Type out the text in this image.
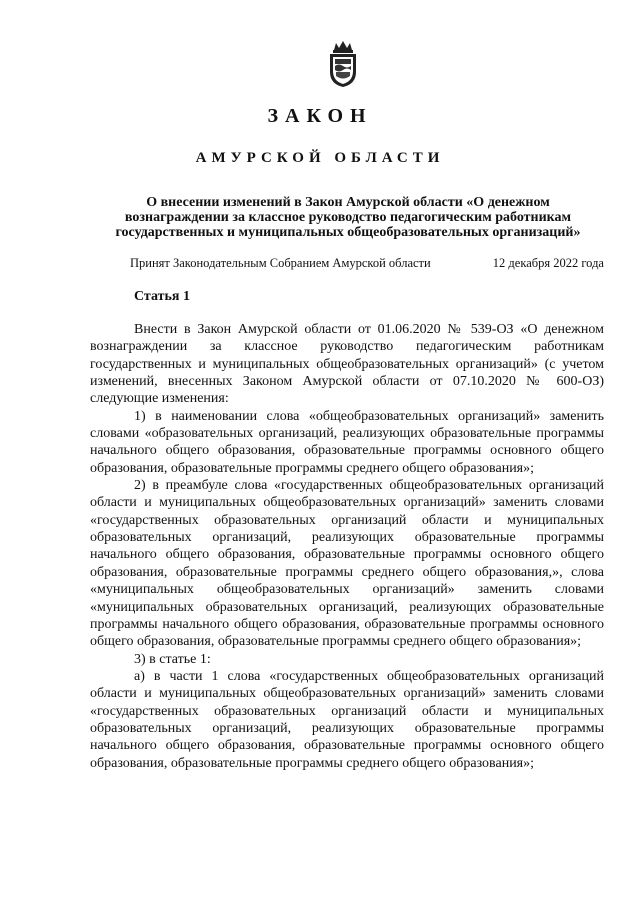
ЗАКОН
АМУРСКОЙ ОБЛАСТИ
О внесении изменений в Закон Амурской области «О денежном
вознаграждении за классное руководство педагогическим работникам
государственных и муниципальных общеобразовательных организаций»
Принят Законодательным Собранием Амурской области	12 декабря 2022 года
Статья 1
Внести в Закон Амурской области от 01.06.2020 № 539-ОЗ «О денежном вознаграждении за классное руководство педагогическим работникам государственных и муниципальных общеобразовательных организаций» (с учетом изменений, внесенных Законом Амурской области от 07.10.2020 № 600-ОЗ) следующие изменения:
1) в наименовании слова «общеобразовательных организаций» заменить словами «образовательных организаций, реализующих образовательные программы начального общего образования, образовательные программы основного общего образования, образовательные программы среднего общего образования»;
2) в преамбуле слова «государственных общеобразовательных организаций области и муниципальных общеобразовательных организаций» заменить словами «государственных образовательных организаций области и муниципальных образовательных организаций, реализующих образовательные программы начального общего образования, образовательные программы основного общего образования, образовательные программы среднего общего образования,», слова «муниципальных общеобразовательных организаций» заменить словами «муниципальных образовательных организаций, реализующих образовательные программы начального общего образования, образовательные программы основного общего образования, образовательные программы среднего общего образования»;
3) в статье 1:
а) в части 1 слова «государственных общеобразовательных организаций области и муниципальных общеобразовательных организаций» заменить словами «государственных образовательных организаций области и муниципальных образовательных организаций, реализующих образовательные программы начального общего образования, образовательные программы основного общего образования, образовательные программы среднего общего образования»;
